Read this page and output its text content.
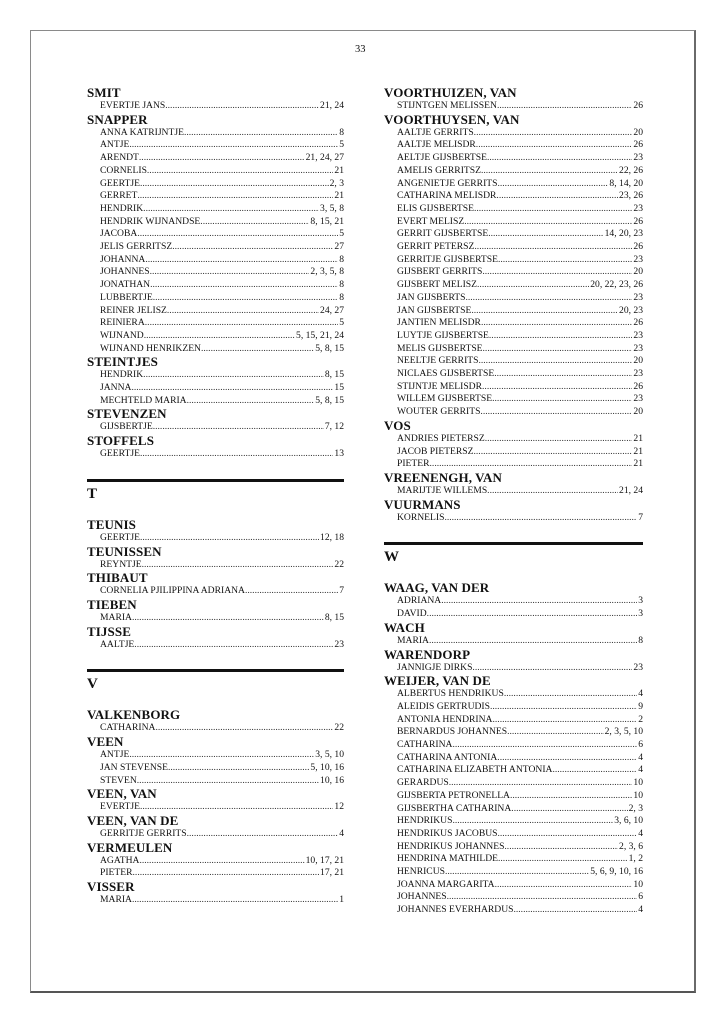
33
SMIT
EVERTJE JANS .....	21, 24
SNAPPER
ANNA KATRIJNTJE .....	8
ANTJE .....	5
ARENDT .....	21, 24, 27
CORNELIS .....	21
GEERTJE .....	2, 3
GERRET .....	21
HENDRIK .....	3, 5, 8
HENDRIK WIJNANDSE .....	8, 15, 21
JACOBA .....	5
JELIS GERRITSZ .....	27
JOHANNA .....	8
JOHANNES .....	2, 3, 5, 8
JONATHAN .....	8
LUBBERTJE .....	8
REINER JELISZ .....	24, 27
REINIERA .....	5
WIJNAND .....	5, 15, 21, 24
WIJNAND HENRIKZEN .....	5, 8, 15
STEINTJES
HENDRIK .....	8, 15
JANNA .....	15
MECHTELD MARIA .....	5, 8, 15
STEVENZEN
GIJSBERTJE .....	7, 12
STOFFELS
GEERTJE .....	13
T
TEUNIS
GEERTJE .....	12, 18
TEUNISSEN
REYNTJE .....	22
THIBAUT
CORNELIA PJILIPPINA ADRIANA .....	7
TIEBEN
MARIA .....	8, 15
TIJSSE
AALTJE .....	23
V
VALKENBORG
CATHARINA .....	22
VEEN
ANTJE .....	3, 5, 10
JAN STEVENSE .....	5, 10, 16
STEVEN .....	10, 16
VEEN, VAN
EVERTJE .....	12
VEEN, VAN DE
GERRITJE GERRITS .....	4
VERMEULEN
AGATHA .....	10, 17, 21
PIETER .....	17, 21
VISSER
MARIA .....	1
VOORTHUIZEN, VAN
STIJNTGEN MELISSEN .....	26
VOORTHUYSEN, VAN
AALTJE GERRITS .....	20
AALTJE MELISDR .....	26
AELTJE GIJSBERTSE .....	23
AMELIS GERRITSZ .....	22, 26
ANGENIETJE GERRITS .....	8, 14, 20
CATHARINA MELISDR .....	23, 26
ELIS GIJSBERTSE .....	23
EVERT MELISZ .....	26
GERRIT GIJSBERTSE .....	14, 20, 23
GERRIT PETERSZ .....	26
GERRITJE GIJSBERTSE .....	23
GIJSBERT GERRITS .....	20
GIJSBERT MELISZ .....	20, 22, 23, 26
JAN GIJSBERTS .....	23
JAN GIJSBERTSE .....	20, 23
JANTIEN MELISDR .....	26
LUYTJE GIJSBERTSE .....	23
MELIS GIJSBERTSE .....	23
NEELTJE GERRITS .....	20
NICLAES GIJSBERTSE .....	23
STIJNTJE MELISDR .....	26
WILLEM GIJSBERTSE .....	23
WOUTER GERRITS .....	20
VOS
ANDRIES PIETERSZ .....	21
JACOB PIETERSZ .....	21
PIETER .....	21
VREENENGH, VAN
MARIJTJE WILLEMS .....	21, 24
VUURMANS
KORNELIS .....	7
W
WAAG, VAN DER
ADRIANA .....	3
DAVID .....	3
WACH
MARIA .....	8
WARENDORP
JANNIGJE DIRKS .....	23
WEIJER, VAN DE
ALBERTUS HENDRIKUS .....	4
ALEIDIS GERTRUDIS .....	9
ANTONIA HENDRINA .....	2
BERNARDUS JOHANNES .....	2, 3, 5, 10
CATHARINA .....	6
CATHARINA ANTONIA .....	4
CATHARINA ELIZABETH ANTONIA .....	4
GERARDUS .....	10
GIJSBERTA PETRONELLA .....	10
GIJSBERTHA CATHARINA .....	2, 3
HENDRIKUS .....	3, 6, 10
HENDRIKUS JACOBUS .....	4
HENDRIKUS JOHANNES .....	2, 3, 6
HENDRINA MATHILDE .....	1, 2
HENRICUS .....	5, 6, 9, 10, 16
JOANNA MARGARITA .....	10
JOHANNES .....	6
JOHANNES EVERHARDUS .....	4
